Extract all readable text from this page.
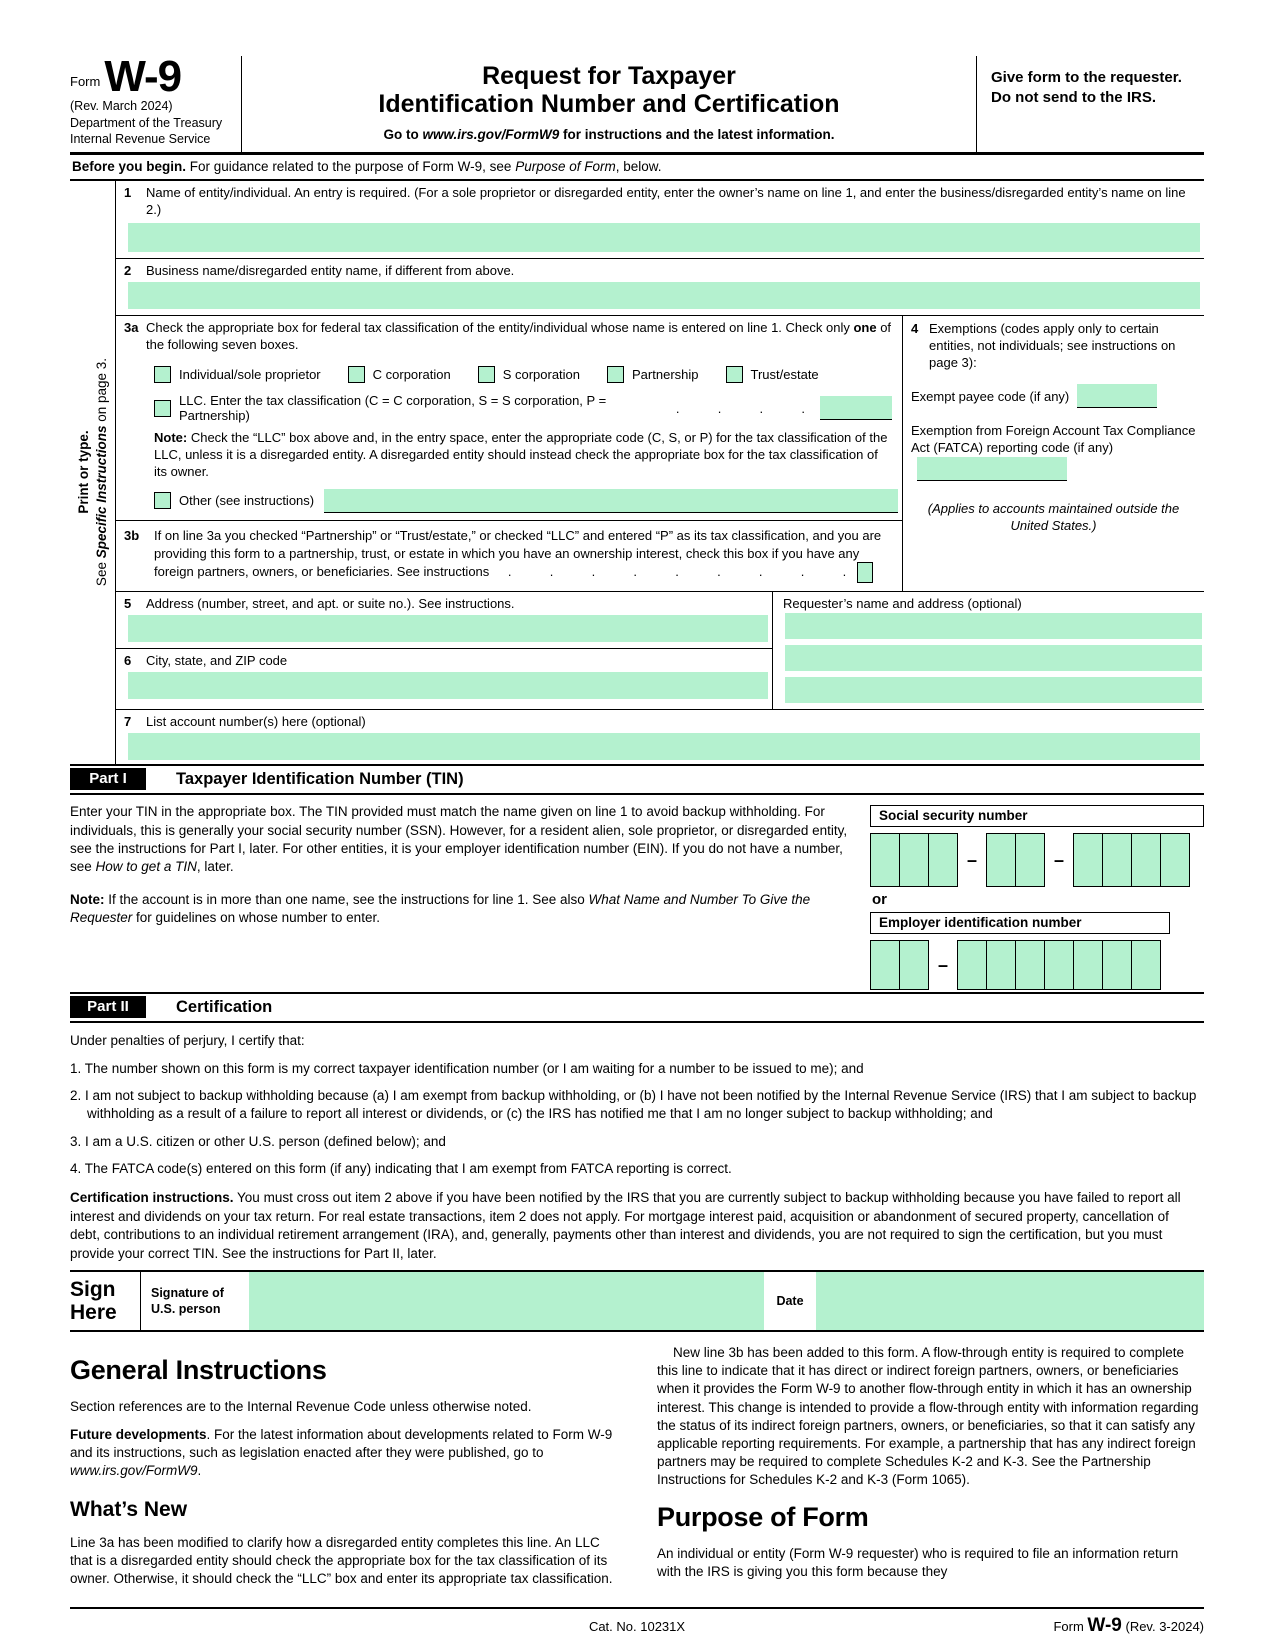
Form W-9
(Rev. March 2024)
Department of the Treasury
Internal Revenue Service
Request for Taxpayer
Identification Number and Certification
Go to www.irs.gov/FormW9 for instructions and the latest information.
Give form to the requester. Do not send to the IRS.
Before you begin. For guidance related to the purpose of Form W-9, see Purpose of Form, below.
Print or type.
See Specific Instructions on page 3.
1	Name of entity/individual. An entry is required. (For a sole proprietor or disregarded entity, enter the owner’s name on line 1, and enter the business/disregarded entity’s name on line 2.)
2	Business name/disregarded entity name, if different from above.
3a Check the appropriate box for federal tax classification of the entity/individual whose name is entered on line 1. Check only one of the following seven boxes.
Individual/sole proprietor	C corporation	S corporation	Partnership	Trust/estate
LLC. Enter the tax classification (C = C corporation, S = S corporation, P = Partnership)	.  .  .  .
Note: Check the “LLC” box above and, in the entry space, enter the appropriate code (C, S, or P) for the tax classification of the LLC, unless it is a disregarded entity. A disregarded entity should instead check the appropriate box for the tax classification of its owner.
Other (see instructions)
3b	If on line 3a you checked “Partnership” or “Trust/estate,” or checked “LLC” and entered “P” as its tax classification, and you are providing this form to a partnership, trust, or estate in which you have an ownership interest, check this box if you have any foreign partners, owners, or beneficiaries. See instructions .  .  .  .  .  .  .  .  .
4 Exemptions (codes apply only to certain entities, not individuals; see instructions on page 3):
Exempt payee code (if any)
Exemption from Foreign Account Tax Compliance Act (FATCA) reporting code (if any)
(Applies to accounts maintained outside the United States.)
5	Address (number, street, and apt. or suite no.). See instructions.
6	City, state, and ZIP code
Requester’s name and address (optional)
7	List account number(s) here (optional)
Part I	Taxpayer Identification Number (TIN)

Enter your TIN in the appropriate box. The TIN provided must match the name given on line 1 to avoid backup withholding. For individuals, this is generally your social security number (SSN). However, for a resident alien, sole proprietor, or disregarded entity, see the instructions for Part I, later. For other entities, it is your employer identification number (EIN). If you do not have a number, see How to get a TIN, later.

Note: If the account is in more than one name, see the instructions for line 1. See also What Name and Number To Give the Requester for guidelines on whose number to enter.

Social security number
–	–
or
Employer identification number
–
Part II	Certification

Under penalties of perjury, I certify that:

1. The number shown on this form is my correct taxpayer identification number (or I am waiting for a number to be issued to me); and

2. I am not subject to backup withholding because (a) I am exempt from backup withholding, or (b) I have not been notified by the Internal Revenue Service (IRS) that I am subject to backup withholding as a result of a failure to report all interest or dividends, or (c) the IRS has notified me that I am no longer subject to backup withholding; and

3. I am a U.S. citizen or other U.S. person (defined below); and

4. The FATCA code(s) entered on this form (if any) indicating that I am exempt from FATCA reporting is correct.

Certification instructions. You must cross out item 2 above if you have been notified by the IRS that you are currently subject to backup withholding because you have failed to report all interest and dividends on your tax return. For real estate transactions, item 2 does not apply. For mortgage interest paid, acquisition or abandonment of secured property, cancellation of debt, contributions to an individual retirement arrangement (IRA), and, generally, payments other than interest and dividends, you are not required to sign the certification, but you must provide your correct TIN. See the instructions for Part II, later.

Sign
Here
Signature of
U.S. person
Date
General Instructions

Section references are to the Internal Revenue Code unless otherwise noted.

Future developments. For the latest information about developments related to Form W-9 and its instructions, such as legislation enacted after they were published, go to www.irs.gov/FormW9.

What’s New

Line 3a has been modified to clarify how a disregarded entity completes this line. An LLC that is a disregarded entity should check the appropriate box for the tax classification of its owner. Otherwise, it should check the “LLC” box and enter its appropriate tax classification.

New line 3b has been added to this form. A flow-through entity is required to complete this line to indicate that it has direct or indirect foreign partners, owners, or beneficiaries when it provides the Form W-9 to another flow-through entity in which it has an ownership interest. This change is intended to provide a flow-through entity with information regarding the status of its indirect foreign partners, owners, or beneficiaries, so that it can satisfy any applicable reporting requirements. For example, a partnership that has any indirect foreign partners may be required to complete Schedules K-2 and K-3. See the Partnership Instructions for Schedules K-2 and K-3 (Form 1065).

Purpose of Form

An individual or entity (Form W-9 requester) who is required to file an information return with the IRS is giving you this form because they

Cat. No. 10231X	Form W-9 (Rev. 3-2024)
